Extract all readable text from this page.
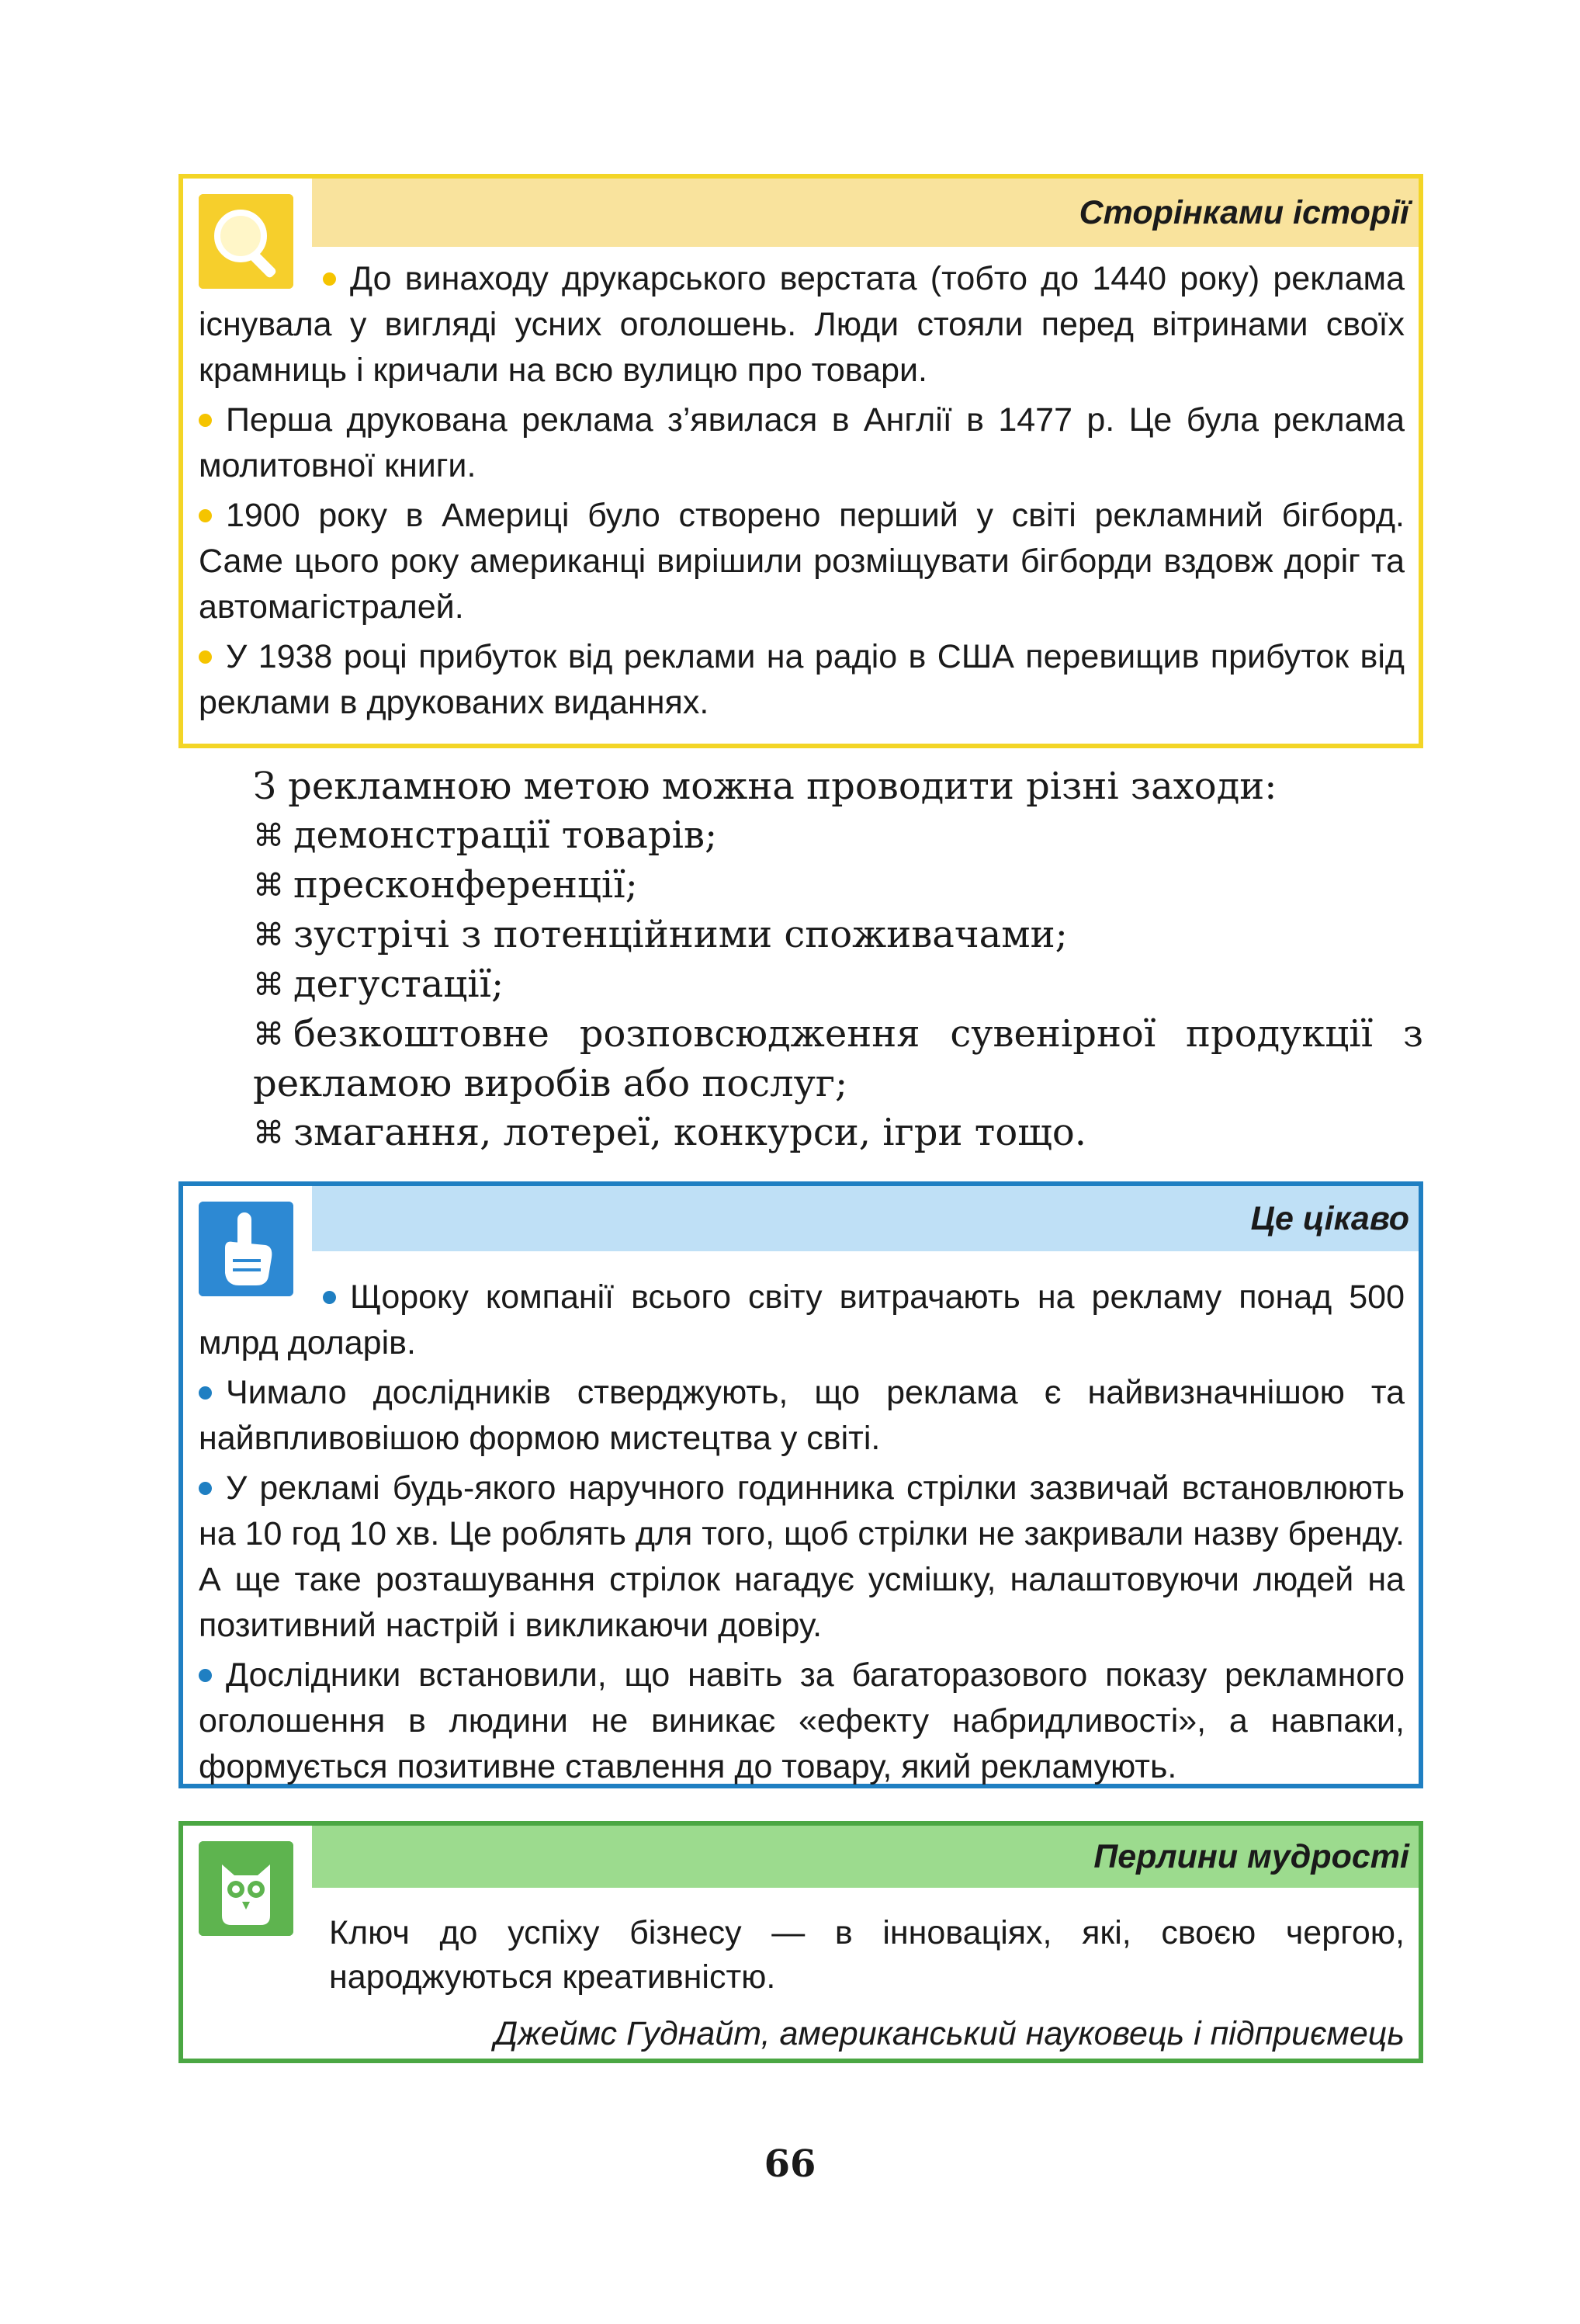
Сторінками історії

До винаходу друкарського верстата (тобто до 1440 року) реклама існувала у вигляді усних оголошень. Люди стояли перед вітринами своїх крамниць і кричали на всю вулицю про товари.

Перша друкована реклама з’явилася в Англії в 1477 р. Це була реклама молитовної книги.

1900 року в Америці було створено перший у світі рекламний бігборд. Саме цього року американці вирішили розміщувати бігборди вздовж доріг та автомагістралей.

У 1938 році прибуток від реклами на радіо в США перевищив прибуток від реклами в друкованих виданнях.

З рекламною метою можна проводити різні заходи:
⌘ демонстрації товарів;
⌘ пресконференції;
⌘ зустрічі з потенційними споживачами;
⌘ дегустації;
⌘ безкоштовне розповсюдження сувенірної продукції з рекламою виробів або послуг;
⌘ змагання, лотереї, конкурси, ігри тощо.
Це цікаво

Щороку компанії всього світу витрачають на рекламу понад 500 млрд доларів.

Чимало дослідників стверджують, що реклама є найвизначнішою та найвпливовішою формою мистецтва у світі.

У рекламі будь-якого наручного годинника стрілки зазвичай встановлюють на 10 год 10 хв. Це роблять для того, щоб стрілки не закривали назву бренду. А ще таке розташування стрілок нагадує усмішку, налаштовуючи людей на позитивний настрій і викликаючи довіру.

Дослідники встановили, що навіть за багаторазового показу рекламного оголошення в людини не виникає «ефекту набридливості», а навпаки, формується позитивне ставлення до товару, який рекламують.

Перлини мудрості
Ключ до успіху бізнесу — в інноваціях, які, своєю чергою, народжуються креативністю.
Джеймс Гуднайт, американський науковець і підприємець
66
